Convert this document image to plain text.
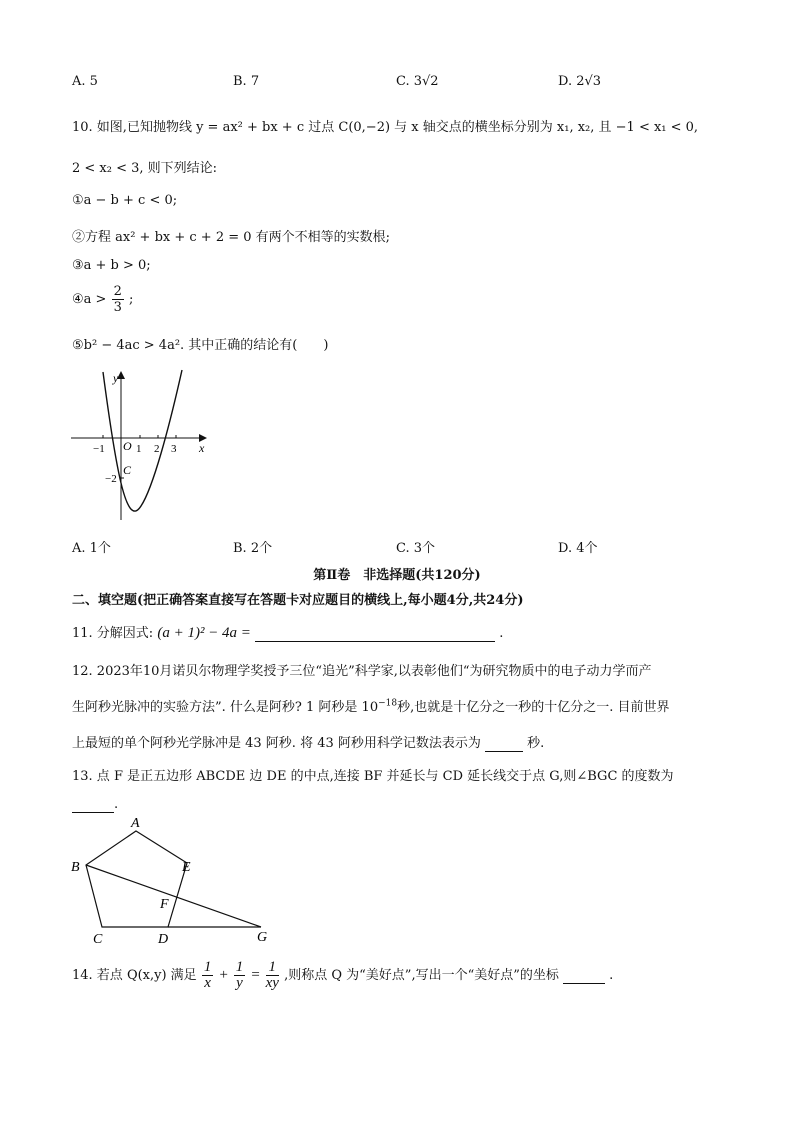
A. 5	B. 7	C. 3√2	D. 2√3
10. 如图,已知抛物线 y = ax² + bx + c 过点 C(0,−2) 与 x 轴交点的横坐标分别为 x₁, x₂, 且 −1 < x₁ < 0,
2 < x₂ < 3, 则下列结论:
①a − b + c < 0;
②方程 ax² + bx + c + 2 = 0 有两个不相等的实数根;
③a + b > 0;
④a > $\frac{2}{3}$ ;
⑤b² − 4ac > 4a². 其中正确的结论有(　　)
y
x
O
C
−1	1 2 3
−2
A. 1个	B. 2个	C. 3个	D. 4个
第Ⅱ卷　非选择题(共120分)
二、填空题(把正确答案直接写在答题卡对应题目的横线上,每小题4分,共24分)
11. 分解因式: (a + 1)² − 4a =	.
12. 2023年10月诺贝尔物理学奖授予三位“追光”科学家,以表彰他们“为研究物质中的电子动力学而产
生阿秒光脉冲的实验方法”. 什么是阿秒? 1 阿秒是 $10^{-18}$秒,也就是十亿分之一秒的十亿分之一. 目前世界
上最短的单个阿秒光学脉冲是 43 阿秒. 将 43 阿秒用科学记数法表示为	秒.
13. 点 F 是正五边形 ABCDE 边 DE 的中点,连接 BF 并延长与 CD 延长线交于点 G,则∠BGC 的度数为
.
A
B
C	D
E
F
G
14. 若点 Q(x,y) 满足 $\frac{1}{x} + \frac{1}{y} = \frac{1}{xy}$ ,则称点 Q 为“美好点”,写出一个“美好点”的坐标	.
